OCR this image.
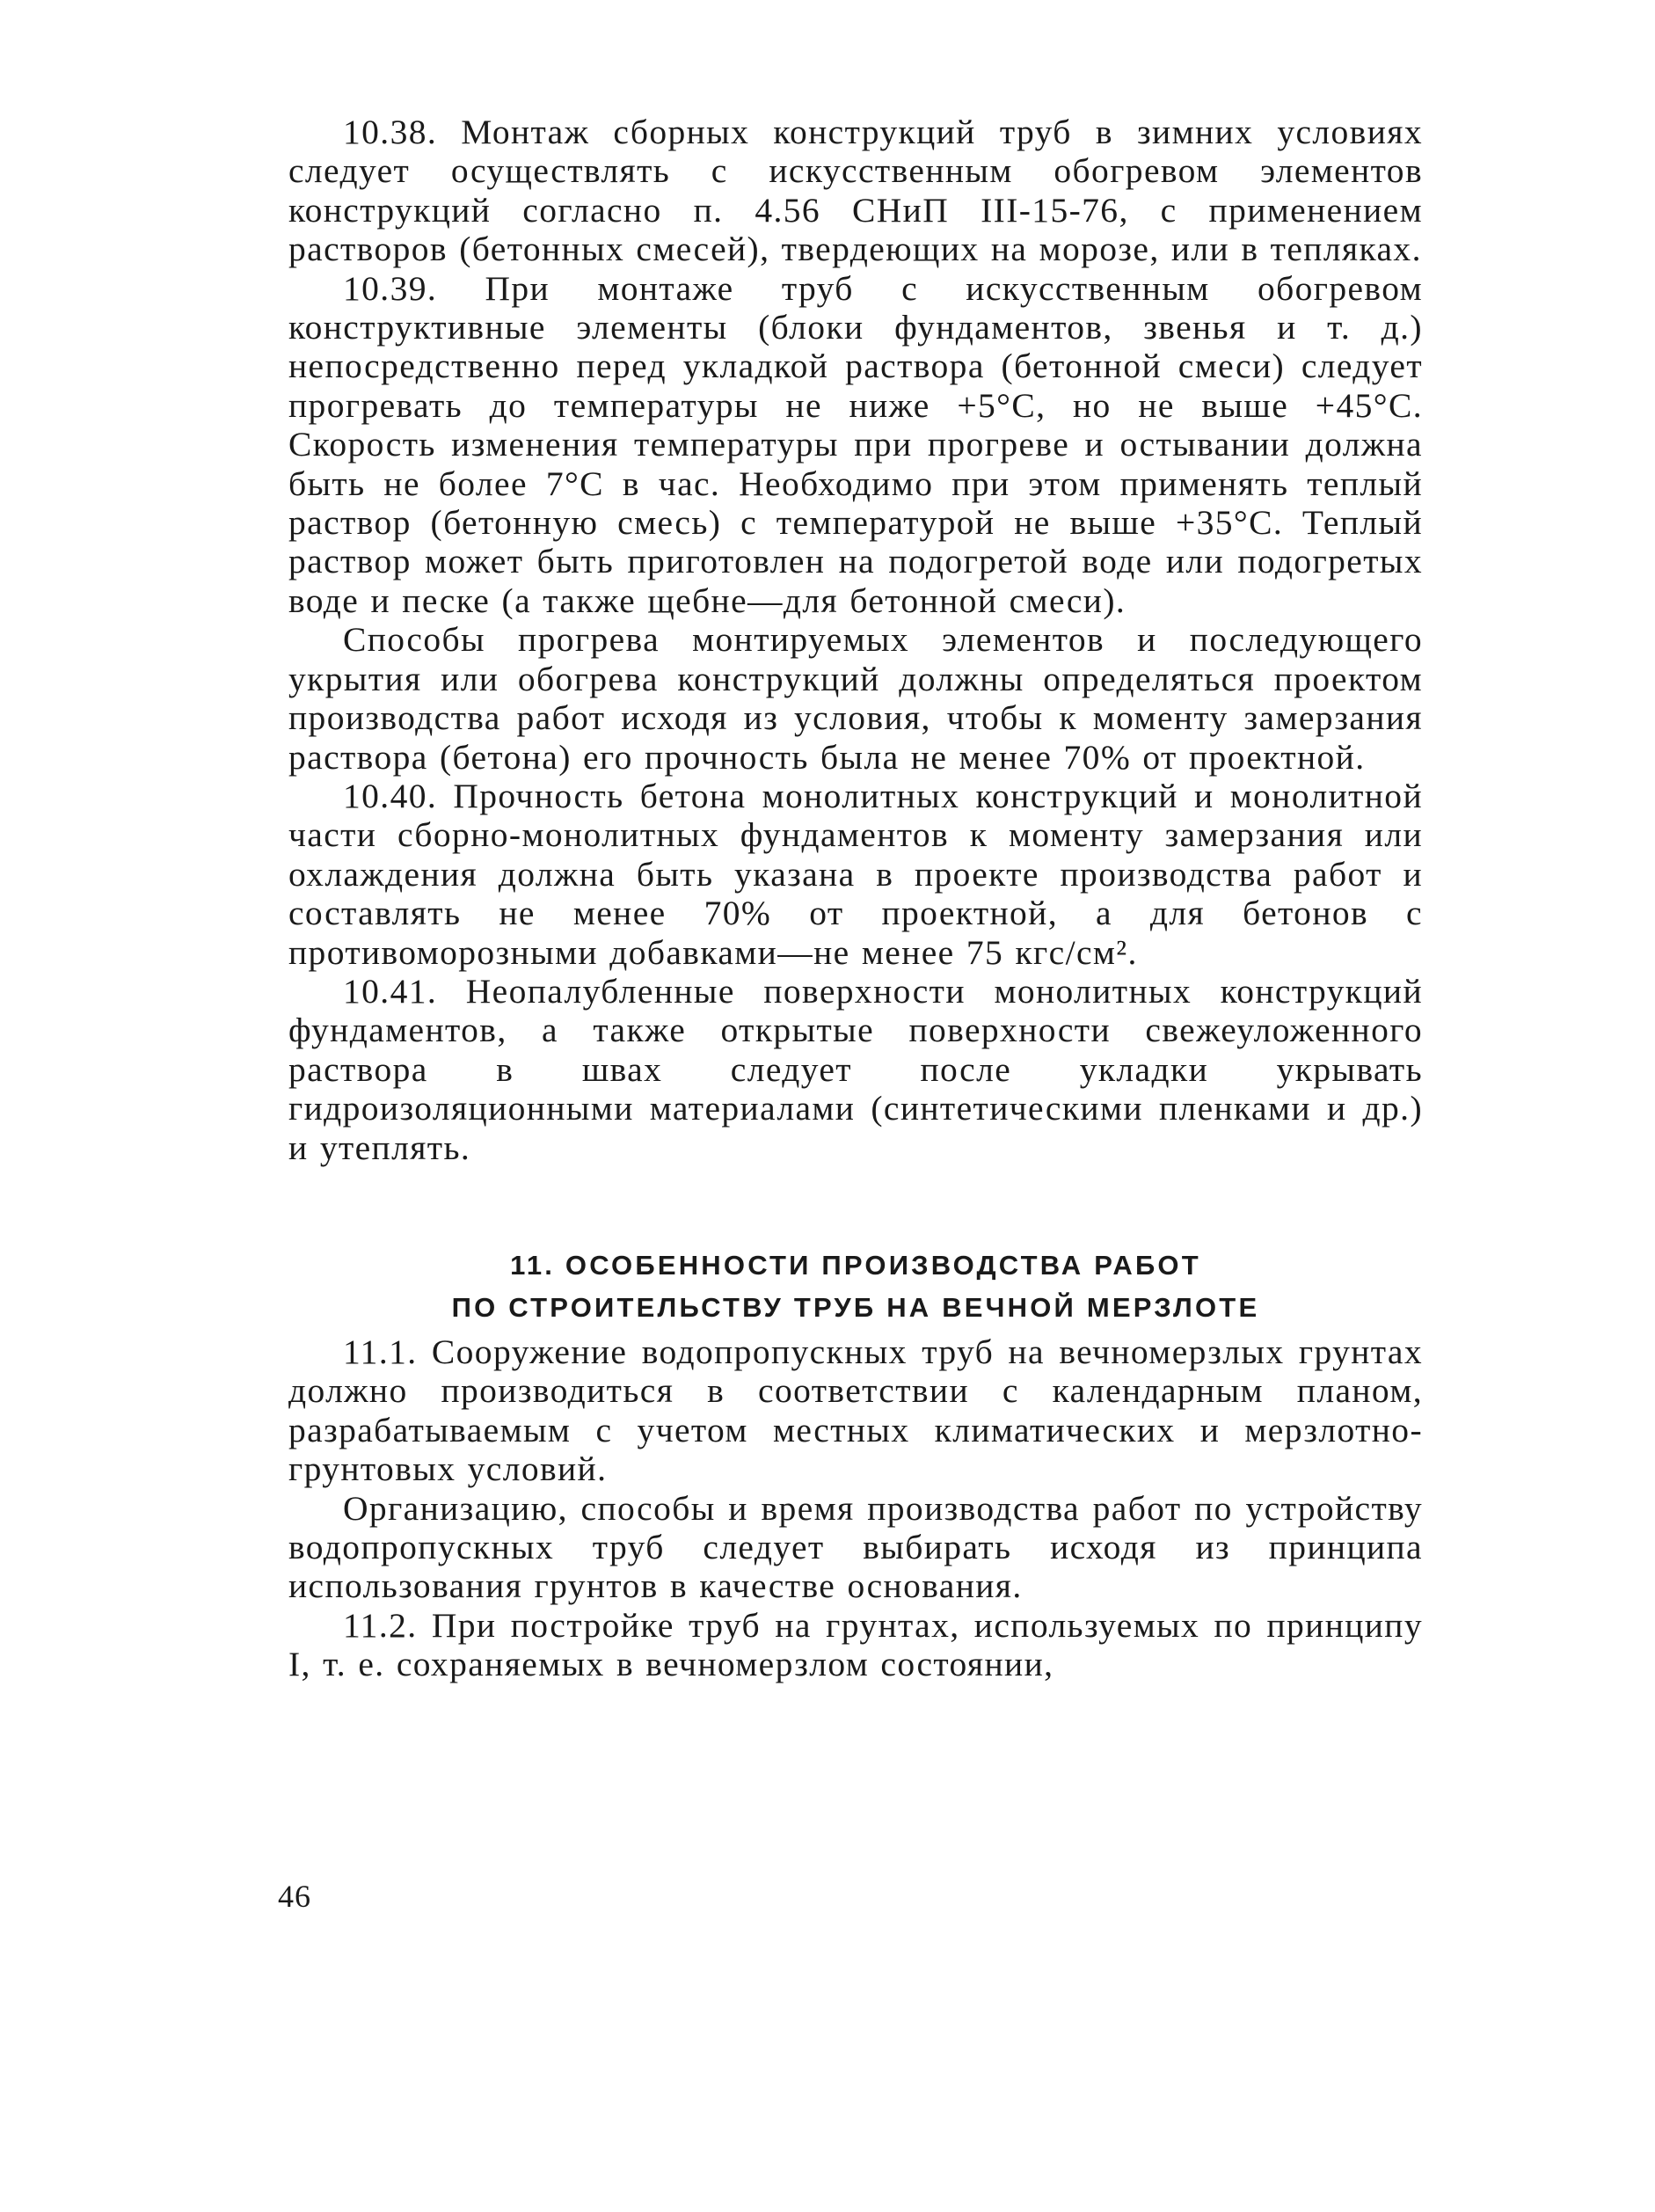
10.38. Монтаж сборных конструкций труб в зимних условиях следует осуществлять с искусственным обогревом элементов конструкций согласно п. 4.56 СНиП III-15-76, с применением растворов (бетонных смесей), твердеющих на морозе, или в тепляках.

10.39. При монтаже труб с искусственным обогревом конструктивные элементы (блоки фундаментов, звенья и т. д.) непосредственно перед укладкой раствора (бетонной смеси) следует прогревать до температуры не ниже +5°С, но не выше +45°С. Скорость изменения температуры при прогреве и остывании должна быть не более 7°С в час. Необходимо при этом применять теплый раствор (бетонную смесь) с температурой не выше +35°С. Теплый раствор может быть приготовлен на подогретой воде или подогретых воде и песке (а также щебне—для бетонной смеси).

Способы прогрева монтируемых элементов и последующего укрытия или обогрева конструкций должны определяться проектом производства работ исходя из условия, чтобы к моменту замерзания раствора (бетона) его прочность была не менее 70% от проектной.

10.40. Прочность бетона монолитных конструкций и монолитной части сборно-монолитных фундаментов к моменту замерзания или охлаждения должна быть указана в проекте производства работ и составлять не менее 70% от проектной, а для бетонов с противоморозными добавками—не менее 75 кгс/см².

10.41. Неопалубленные поверхности монолитных конструкций фундаментов, а также открытые поверхности свежеуложенного раствора в швах следует после укладки укрывать гидроизоляционными материалами (синтетическими пленками и др.) и утеплять.

11. ОСОБЕННОСТИ ПРОИЗВОДСТВА РАБОТ
ПО СТРОИТЕЛЬСТВУ ТРУБ НА ВЕЧНОЙ МЕРЗЛОТЕ

11.1. Сооружение водопропускных труб на вечномерзлых грунтах должно производиться в соответствии с календарным планом, разрабатываемым с учетом местных климатических и мерзлотно-грунтовых условий.

Организацию, способы и время производства работ по устройству водопропускных труб следует выбирать исходя из принципа использования грунтов в качестве основания.

11.2. При постройке труб на грунтах, используемых по принципу I, т. е. сохраняемых в вечномерзлом состоянии,

46
